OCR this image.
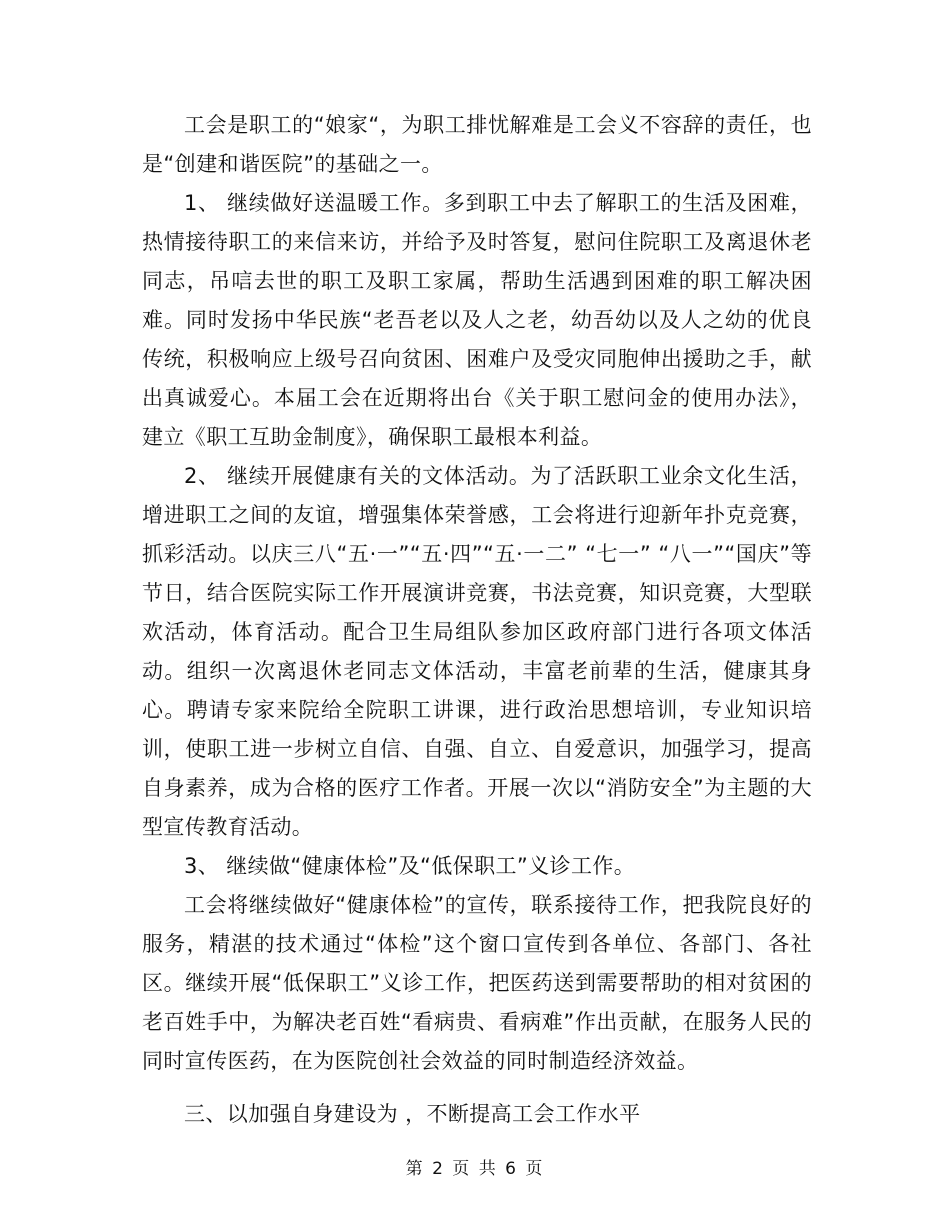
工会是职工的“娘家“，为职工排忧解难是工会义不容辞的责任，也是“创建和谐医院”的基础之一。

1、 继续做好送温暖工作。多到职工中去了解职工的生活及困难，热情接待职工的来信来访，并给予及时答复，慰问住院职工及离退休老同志，吊唁去世的职工及职工家属，帮助生活遇到困难的职工解决困难。同时发扬中华民族“老吾老以及人之老，幼吾幼以及人之幼的优良传统，积极响应上级号召向贫困、困难户及受灾同胞伸出援助之手，献出真诚爱心。本届工会在近期将出台《关于职工慰问金的使用办法》，建立《职工互助金制度》，确保职工最根本利益。

2、 继续开展健康有关的文体活动。为了活跃职工业余文化生活，增进职工之间的友谊，增强集体荣誉感，工会将进行迎新年扑克竞赛，抓彩活动。以庆三八“五·一”“五·四”“五·一二” “七一” “八一”“国庆”等节日，结合医院实际工作开展演讲竞赛，书法竞赛，知识竞赛，大型联欢活动，体育活动。配合卫生局组队参加区政府部门进行各项文体活动。组织一次离退休老同志文体活动，丰富老前辈的生活，健康其身心。聘请专家来院给全院职工讲课，进行政治思想培训，专业知识培训，使职工进一步树立自信、自强、自立、自爱意识，加强学习，提高自身素养，成为合格的医疗工作者。开展一次以“消防安全”为主题的大型宣传教育活动。

3、 继续做“健康体检”及“低保职工”义诊工作。

工会将继续做好“健康体检”的宣传，联系接待工作，把我院良好的服务，精湛的技术通过“体检”这个窗口宣传到各单位、各部门、各社区。继续开展“低保职工”义诊工作，把医药送到需要帮助的相对贫困的老百姓手中，为解决老百姓“看病贵、看病难”作出贡献，在服务人民的同时宣传医药，在为医院创社会效益的同时制造经济效益。

三、以加强自身建设为 ，不断提高工会工作水平

第 2 页 共 6 页
